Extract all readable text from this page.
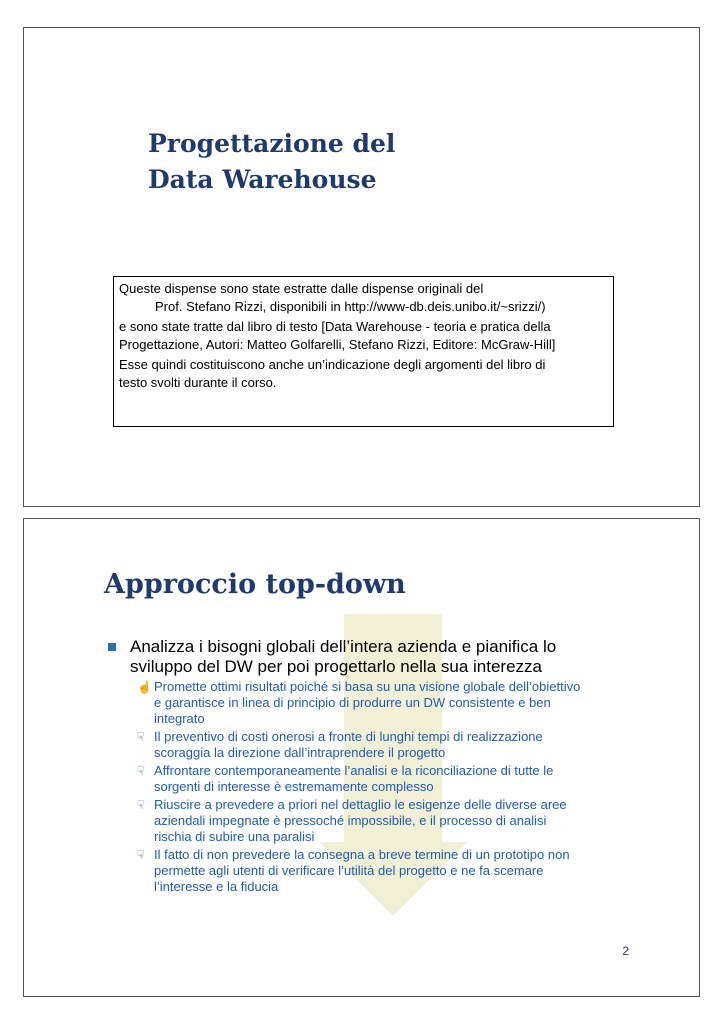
Progettazione del
Data Warehouse
Queste dispense sono state estratte dalle dispense originali del
Prof. Stefano Rizzi, disponibili in http://www-db.deis.unibo.it/~srizzi/)
e sono state tratte dal libro di testo [Data Warehouse - teoria e pratica della
Progettazione, Autori: Matteo Golfarelli, Stefano Rizzi, Editore: McGraw-Hill]
Esse quindi costituiscono anche un’indicazione degli argomenti del libro di
testo svolti durante il corso.
Approccio top-down
Analizza i bisogni globali dell’intera azienda e pianifica lo
sviluppo del DW per poi progettarlo nella sua interezza
☝ Promette ottimi risultati poiché si basa su una visione globale dell’obiettivo
e garantisce in linea di principio di produrre un DW consistente e ben
integrato
☟ Il preventivo di costi onerosi a fronte di lunghi tempi di realizzazione
scoraggia la direzione dall’intraprendere il progetto
☟ Affrontare contemporaneamente l’analisi e la riconciliazione di tutte le
sorgenti di interesse è estremamente complesso
☟ Riuscire a prevedere a priori nel dettaglio le esigenze delle diverse aree
aziendali impegnate è pressoché impossibile, e il processo di analisi
rischia di subire una paralisi
☟ Il fatto di non prevedere la consegna a breve termine di un prototipo non
permette agli utenti di verificare l’utilità del progetto e ne fa scemare
l’interesse e la fiducia
2
